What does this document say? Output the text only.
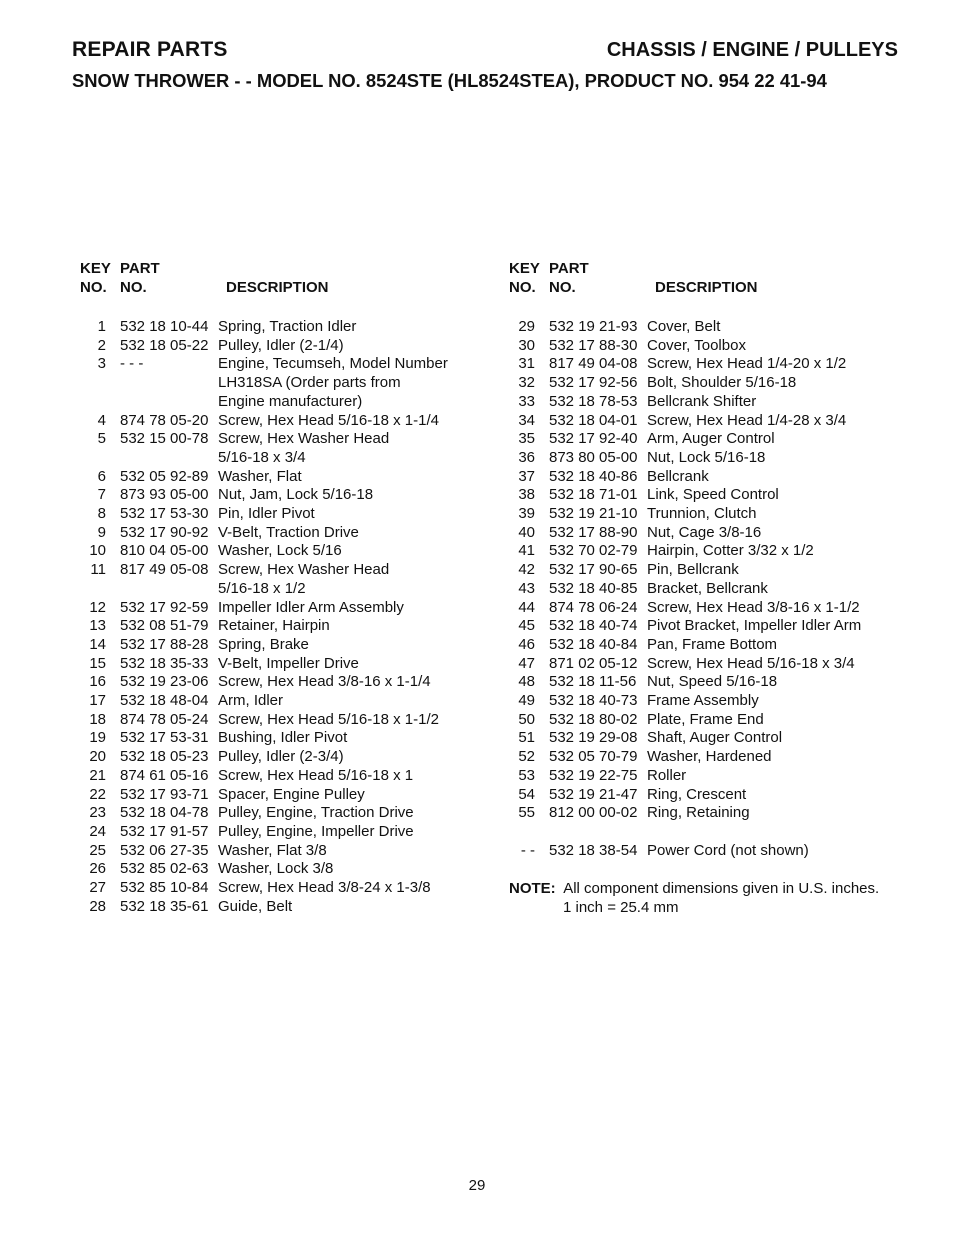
REPAIR PARTS	CHASSIS / ENGINE / PULLEYS
SNOW THROWER - - MODEL NO. 8524STE (HL8524STEA), PRODUCT NO. 954 22 41-94
KEY PART
NO. NO.	DESCRIPTION
1 532 18 10-44 Spring, Traction Idler
2 532 18 05-22 Pulley, Idler (2-1/4)
3 - - -	Engine, Tecumseh, Model Number
LH318SA (Order parts from
Engine manufacturer)
4 874 78 05-20 Screw, Hex Head 5/16-18 x 1-1/4
5 532 15 00-78 Screw, Hex Washer Head
5/16-18 x 3/4
6 532 05 92-89 Washer, Flat
7 873 93 05-00 Nut, Jam, Lock 5/16-18
8 532 17 53-30 Pin, Idler Pivot
9 532 17 90-92 V-Belt, Traction Drive
10 810 04 05-00 Washer, Lock 5/16
11 817 49 05-08 Screw, Hex Washer Head
5/16-18 x 1/2
12 532 17 92-59 Impeller Idler Arm Assembly
13 532 08 51-79 Retainer, Hairpin
14 532 17 88-28 Spring, Brake
15 532 18 35-33 V-Belt, Impeller Drive
16 532 19 23-06 Screw, Hex Head 3/8-16 x 1-1/4
17 532 18 48-04 Arm, Idler
18 874 78 05-24 Screw, Hex Head 5/16-18 x 1-1/2
19 532 17 53-31 Bushing, Idler Pivot
20 532 18 05-23 Pulley, Idler (2-3/4)
21 874 61 05-16 Screw, Hex Head 5/16-18 x 1
22 532 17 93-71 Spacer, Engine Pulley
23 532 18 04-78 Pulley, Engine, Traction Drive
24 532 17 91-57 Pulley, Engine, Impeller Drive
25 532 06 27-35 Washer, Flat 3/8
26 532 85 02-63 Washer, Lock 3/8
27 532 85 10-84 Screw, Hex Head 3/8-24 x 1-3/8
28 532 18 35-61 Guide, Belt
KEY PART
NO. NO.	DESCRIPTION
29 532 19 21-93 Cover, Belt
30 532 17 88-30 Cover, Toolbox
31 817 49 04-08 Screw, Hex Head 1/4-20 x 1/2
32 532 17 92-56 Bolt, Shoulder 5/16-18
33 532 18 78-53 Bellcrank Shifter
34 532 18 04-01 Screw, Hex Head 1/4-28 x 3/4
35 532 17 92-40 Arm, Auger Control
36 873 80 05-00 Nut, Lock 5/16-18
37 532 18 40-86 Bellcrank
38 532 18 71-01 Link, Speed Control
39 532 19 21-10 Trunnion, Clutch
40 532 17 88-90 Nut, Cage 3/8-16
41 532 70 02-79 Hairpin, Cotter 3/32 x 1/2
42 532 17 90-65 Pin, Bellcrank
43 532 18 40-85 Bracket, Bellcrank
44 874 78 06-24 Screw, Hex Head 3/8-16 x 1-1/2
45 532 18 40-74 Pivot Bracket, Impeller Idler Arm
46 532 18 40-84 Pan, Frame Bottom
47 871 02 05-12 Screw, Hex Head 5/16-18 x 3/4
48 532 18 11-56 Nut, Speed 5/16-18
49 532 18 40-73 Frame Assembly
50 532 18 80-02 Plate, Frame End
51 532 19 29-08 Shaft, Auger Control
52 532 05 70-79 Washer, Hardened
53 532 19 22-75 Roller
54 532 19 21-47 Ring, Crescent
55 812 00 00-02 Ring, Retaining
- - 532 18 38-54 Power Cord (not shown)
NOTE: All component dimensions given in U.S. inches.
1 inch = 25.4 mm
29
